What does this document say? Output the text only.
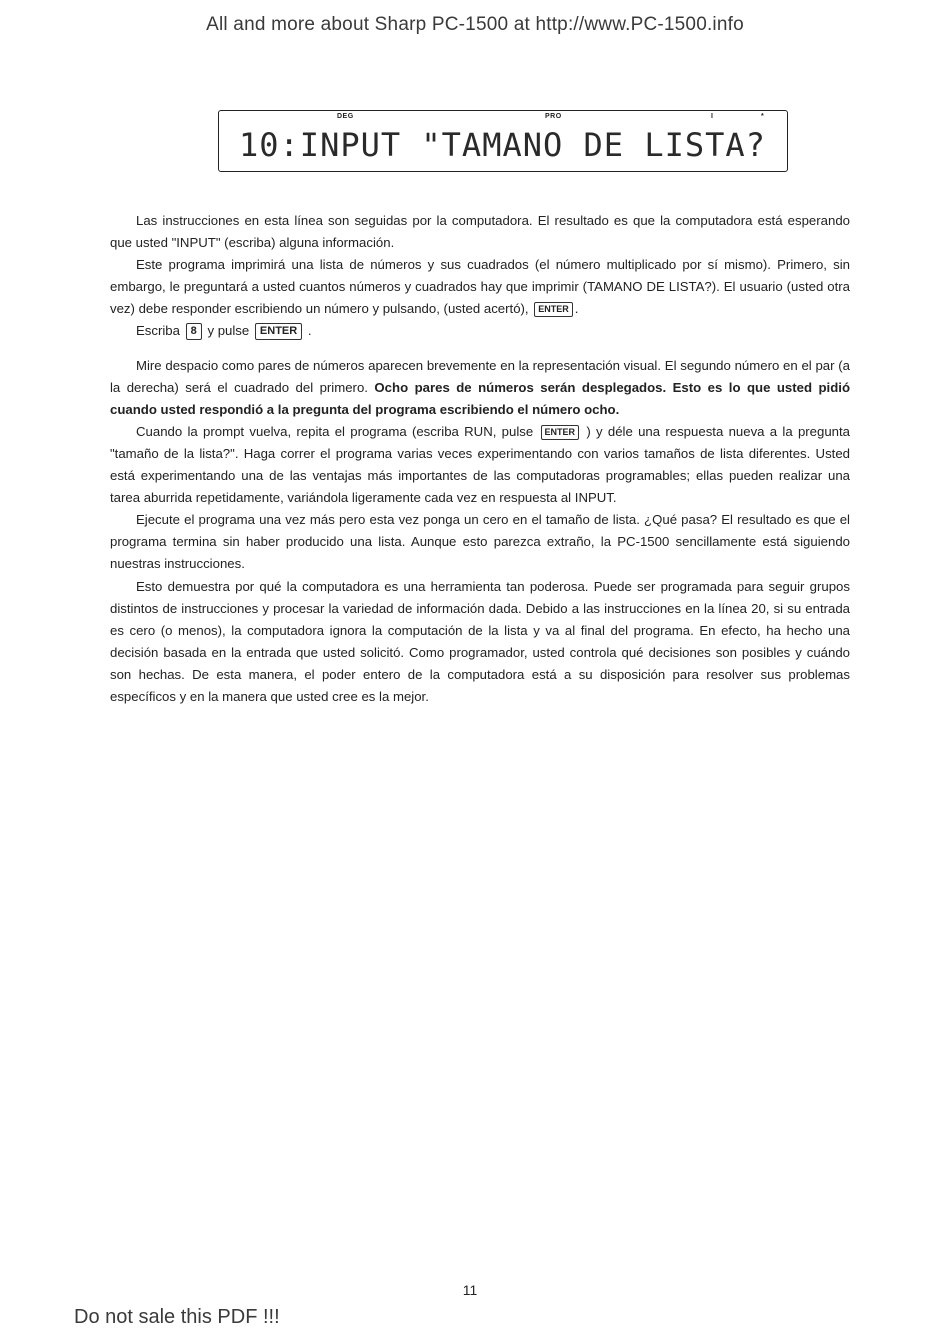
All and more about Sharp PC-1500 at http://www.PC-1500.info
DEG	PRO	I	*
10:INPUT "TAMANO DE LISTA?

Las instrucciones en esta línea son seguidas por la computadora. El resultado es que la computadora está esperando que usted "INPUT" (escriba) alguna información.

Este programa imprimirá una lista de números y sus cuadrados (el número multiplicado por sí mismo). Primero, sin embargo, le preguntará a usted cuantos números y cuadrados hay que imprimir (TAMANO DE LISTA?). El usuario (usted otra vez) debe responder escribiendo un número y pulsando, (usted acertó), ENTER .

Escriba 8 y pulse ENTER .

Mire despacio como pares de números aparecen brevemente en la representación visual. El segundo número en el par (a la derecha) será el cuadrado del primero. Ocho pares de números serán desplegados. Esto es lo que usted pidió cuando usted respondió a la pregunta del programa escribiendo el número ocho.

Cuando la prompt vuelva, repita el programa (escriba RUN, pulse ENTER ) y déle una respuesta nueva a la pregunta "tamaño de la lista?". Haga correr el programa varias veces experimentando con varios tamaños de lista diferentes. Usted está experimentando una de las ventajas más importantes de las computadoras programables; ellas pueden realizar una tarea aburrida repetidamente, variándola ligeramente cada vez en respuesta al INPUT.

Ejecute el programa una vez más pero esta vez ponga un cero en el tamaño de lista. ¿Qué pasa? El resultado es que el programa termina sin haber producido una lista. Aunque esto parezca extraño, la PC-1500 sencillamente está siguiendo nuestras instrucciones.

Esto demuestra por qué la computadora es una herramienta tan poderosa. Puede ser programada para seguir grupos distintos de instrucciones y procesar la variedad de información dada. Debido a las instrucciones en la línea 20, si su entrada es cero (o menos), la computadora ignora la computación de la lista y va al final del programa. En efecto, ha hecho una decisión basada en la entrada que usted solicitó. Como programador, usted controla qué decisiones son posibles y cuándo son hechas. De esta manera, el poder entero de la computadora está a su disposición para resolver sus problemas específicos y en la manera que usted cree es la mejor.

11
Do not sale this PDF !!!
